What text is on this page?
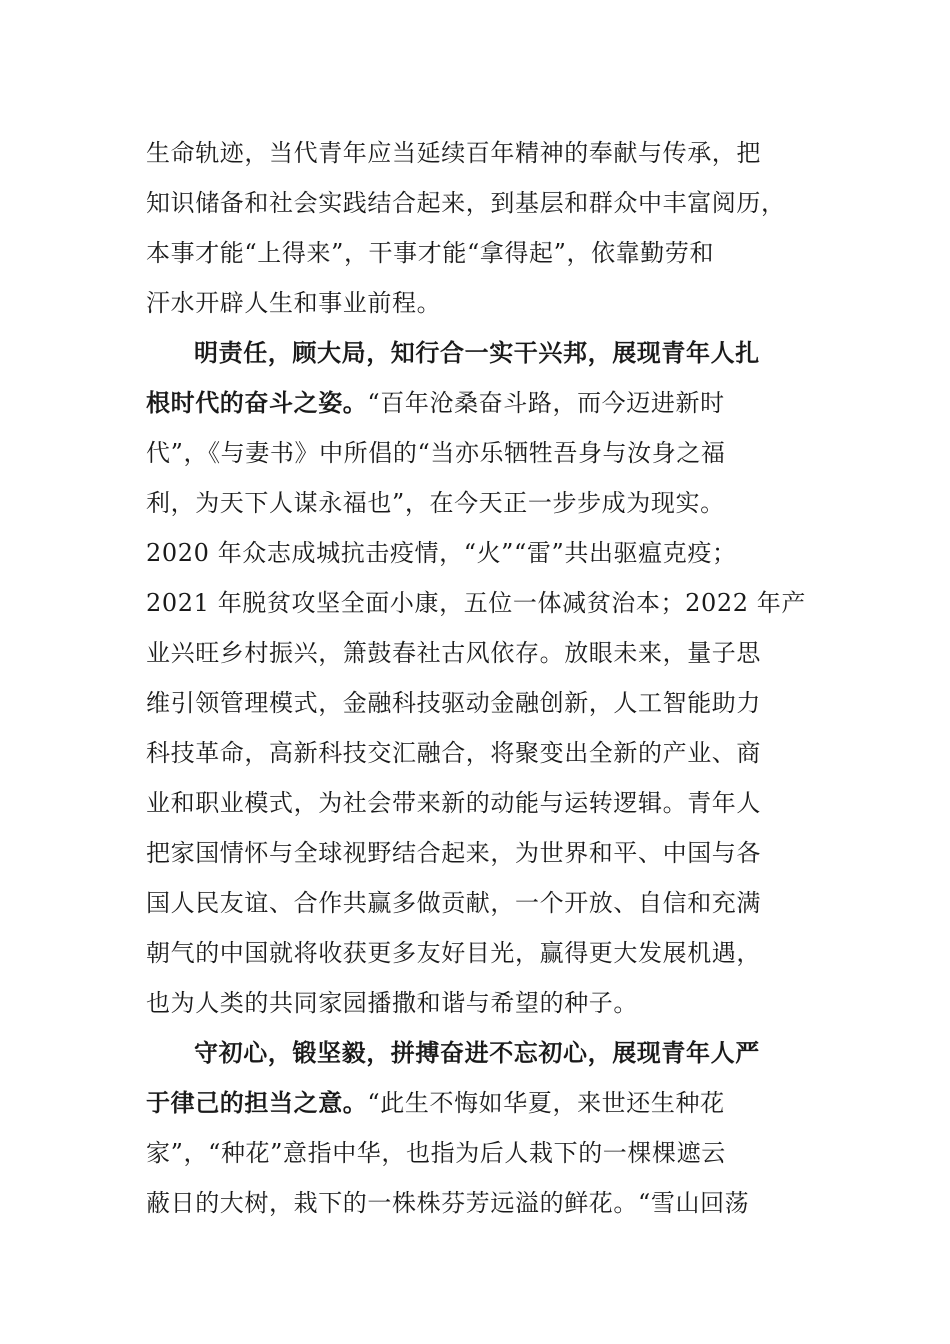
生命轨迹，当代青年应当延续百年精神的奉献与传承，把
知识储备和社会实践结合起来，到基层和群众中丰富阅历，
本事才能“上得来”，干事才能“拿得起”，依靠勤劳和
汗水开辟人生和事业前程。
明责任，顾大局，知行合一实干兴邦，展现青年人扎
根时代的奋斗之姿。“百年沧桑奋斗路，而今迈进新时
代”，《与妻书》中所倡的“当亦乐牺牲吾身与汝身之福
利，为天下人谋永福也”，在今天正一步步成为现实。
2020 年众志成城抗击疫情，“火”“雷”共出驱瘟克疫；
2021 年脱贫攻坚全面小康，五位一体减贫治本；2022 年产
业兴旺乡村振兴，箫鼓春社古风依存。放眼未来，量子思
维引领管理模式，金融科技驱动金融创新，人工智能助力
科技革命，高新科技交汇融合，将聚变出全新的产业、商
业和职业模式，为社会带来新的动能与运转逻辑。青年人
把家国情怀与全球视野结合起来，为世界和平、中国与各
国人民友谊、合作共赢多做贡献，一个开放、自信和充满
朝气的中国就将收获更多友好目光，赢得更大发展机遇，
也为人类的共同家园播撒和谐与希望的种子。
守初心，锻坚毅，拼搏奋进不忘初心，展现青年人严
于律己的担当之意。“此生不悔如华夏，来世还生种花
家”，“种花”意指中华，也指为后人栽下的一棵棵遮云
蔽日的大树，栽下的一株株芬芳远溢的鲜花。“雪山回荡
